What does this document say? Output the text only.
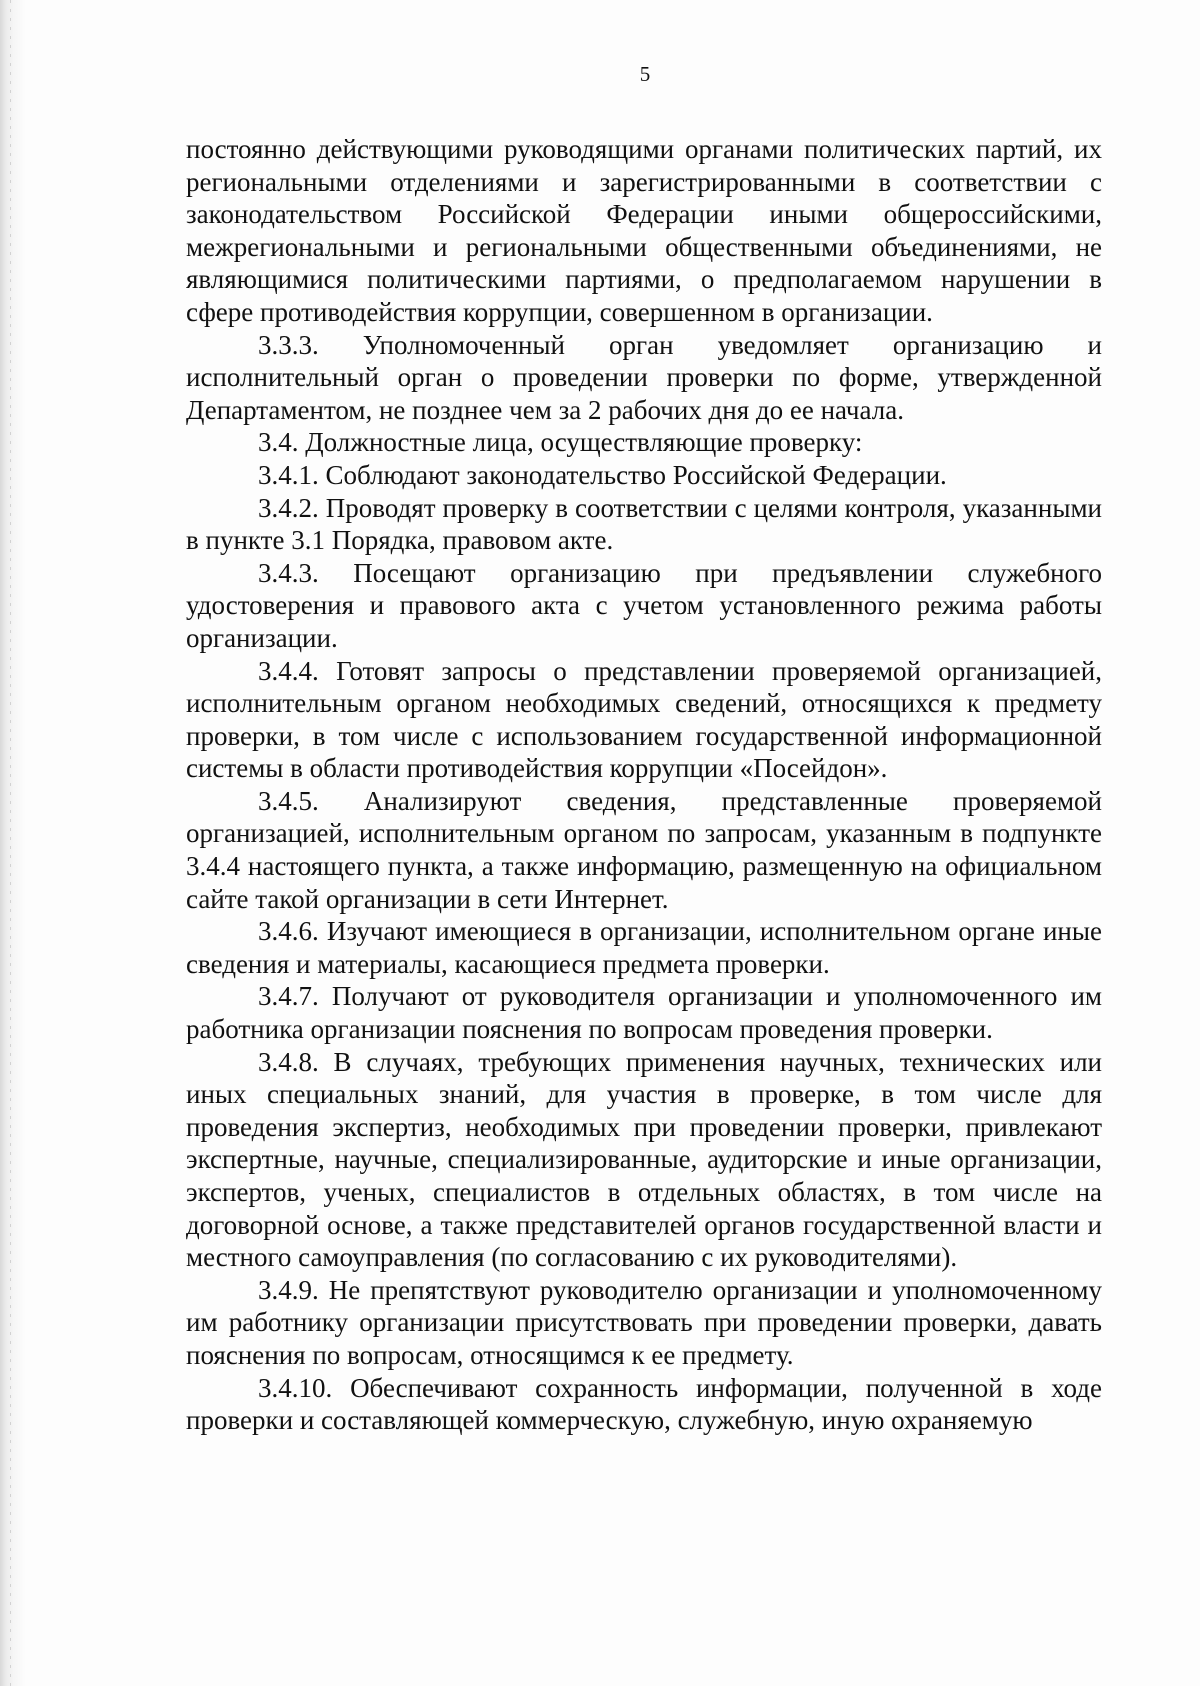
5

постоянно действующими руководящими органами политических партий, их региональными отделениями и зарегистрированными в соответствии с законодательством Российской Федерации иными общероссийскими, межрегиональными и региональными общественными объединениями, не являющимися политическими партиями, о предполагаемом нарушении в сфере противодействия коррупции, совершенном в организации.

3.3.3. Уполномоченный орган уведомляет организацию и исполнительный орган о проведении проверки по форме, утвержденной Департаментом, не позднее чем за 2 рабочих дня до ее начала.

3.4. Должностные лица, осуществляющие проверку:

3.4.1. Соблюдают законодательство Российской Федерации.

3.4.2. Проводят проверку в соответствии с целями контроля, указанными в пункте 3.1 Порядка, правовом акте.

3.4.3. Посещают организацию при предъявлении служебного удостоверения и правового акта с учетом установленного режима работы организации.

3.4.4. Готовят запросы о представлении проверяемой организацией, исполнительным органом необходимых сведений, относящихся к предмету проверки, в том числе с использованием государственной информационной системы в области противодействия коррупции «Посейдон».

3.4.5. Анализируют сведения, представленные проверяемой организацией, исполнительным органом по запросам, указанным в подпункте 3.4.4 настоящего пункта, а также информацию, размещенную на официальном сайте такой организации в сети Интернет.

3.4.6. Изучают имеющиеся в организации, исполнительном органе иные сведения и материалы, касающиеся предмета проверки.

3.4.7. Получают от руководителя организации и уполномоченного им работника организации пояснения по вопросам проведения проверки.

3.4.8. В случаях, требующих применения научных, технических или иных специальных знаний, для участия в проверке, в том числе для проведения экспертиз, необходимых при проведении проверки, привлекают экспертные, научные, специализированные, аудиторские и иные организации, экспертов, ученых, специалистов в отдельных областях, в том числе на договорной основе, а также представителей органов государственной власти и местного самоуправления (по согласованию с их руководителями).

3.4.9. Не препятствуют руководителю организации и уполномоченному им работнику организации присутствовать при проведении проверки, давать пояснения по вопросам, относящимся к ее предмету.

3.4.10. Обеспечивают сохранность информации, полученной в ходе проверки и составляющей коммерческую, служебную, иную охраняемую
